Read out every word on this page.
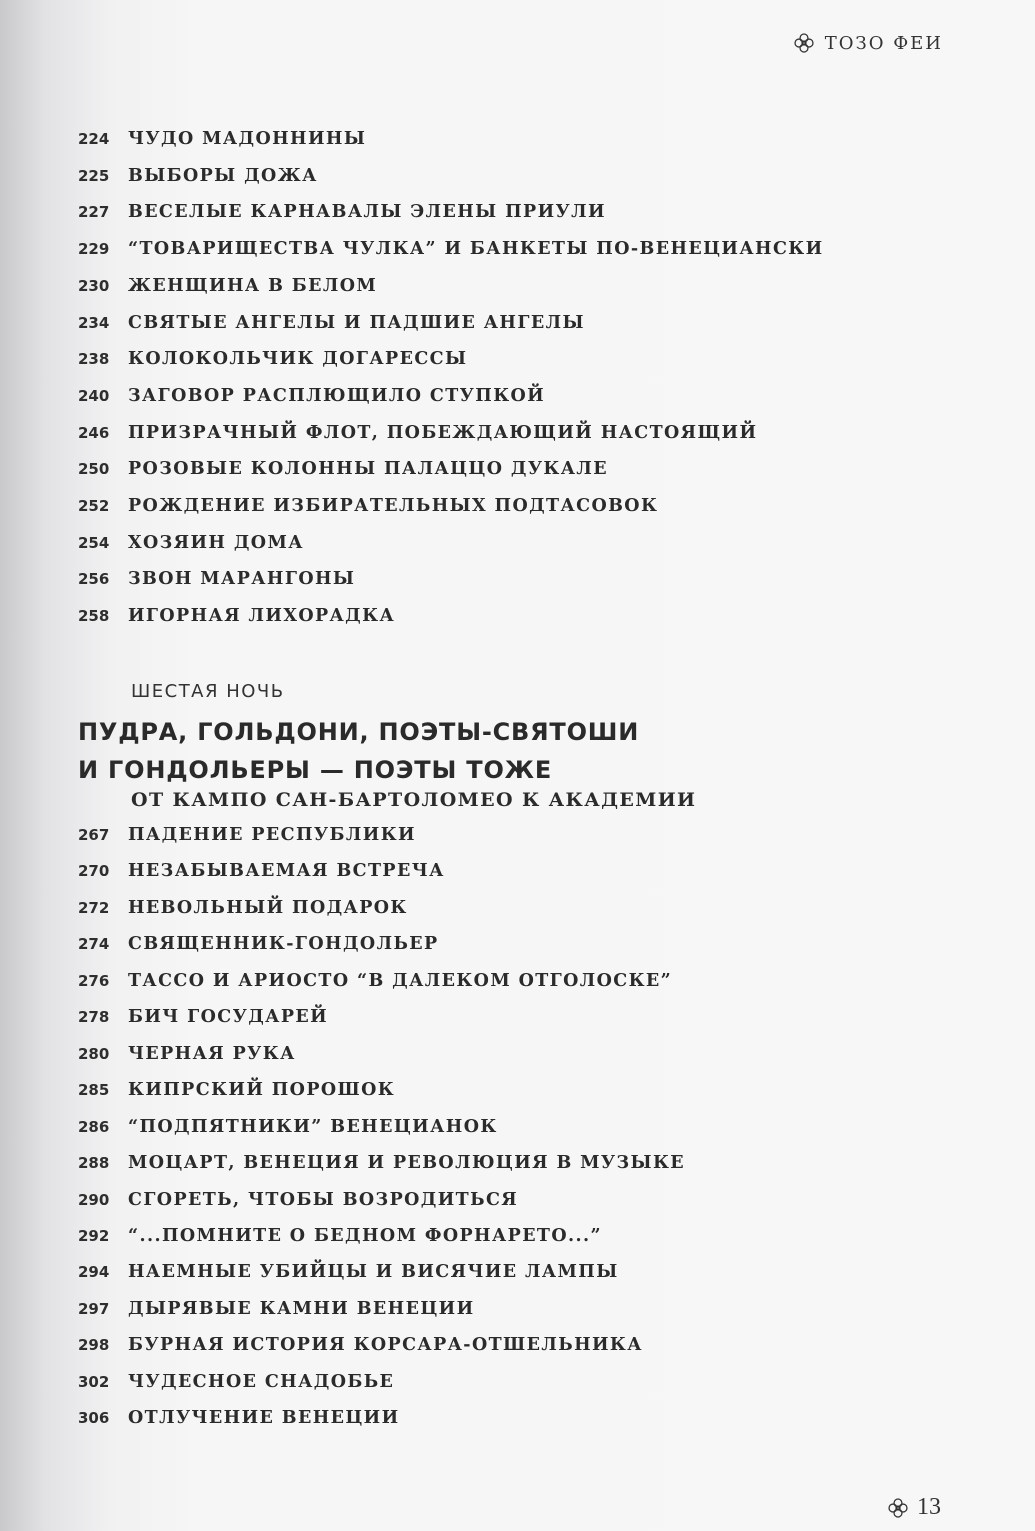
ТОЗО ФЕИ
224	ЧУДО МАДОННИНЫ
225	ВЫБОРЫ ДОЖА
227	ВЕСЕЛЫЕ КАРНАВАЛЫ ЭЛЕНЫ ПРИУЛИ
229	“ТОВАРИЩЕСТВА ЧУЛКА” И БАНКЕТЫ ПО-ВЕНЕЦИАНСКИ
230	ЖЕНЩИНА В БЕЛОМ
234	СВЯТЫЕ АНГЕЛЫ И ПАДШИЕ АНГЕЛЫ
238	КОЛОКОЛЬЧИК ДОГАРЕССЫ
240	ЗАГОВОР РАСПЛЮЩИЛО СТУПКОЙ
246	ПРИЗРАЧНЫЙ ФЛОТ, ПОБЕЖДАЮЩИЙ НАСТОЯЩИЙ
250	РОЗОВЫЕ КОЛОННЫ ПАЛАЦЦО ДУКАЛЕ
252	РОЖДЕНИЕ ИЗБИРАТЕЛЬНЫХ ПОДТАСОВОК
254	ХОЗЯИН ДОМА
256	ЗВОН МАРАНГОНЫ
258	ИГОРНАЯ ЛИХОРАДКА
ШЕСТАЯ НОЧЬ
ПУДРА, ГОЛЬДОНИ, ПОЭТЫ-СВЯТОШИ
И ГОНДОЛЬЕРЫ — ПОЭТЫ ТОЖЕ
ОТ КАМПО САН-БАРТОЛОМЕО К АКАДЕМИИ
267	ПАДЕНИЕ РЕСПУБЛИКИ
270	НЕЗАБЫВАЕМАЯ ВСТРЕЧА
272	НЕВОЛЬНЫЙ ПОДАРОК
274	СВЯЩЕННИК-ГОНДОЛЬЕР
276	ТАССО И АРИОСТО “В ДАЛЕКОМ ОТГОЛОСКЕ”
278	БИЧ ГОСУДАРЕЙ
280	ЧЕРНАЯ РУКА
285	КИПРСКИЙ ПОРОШОК
286	“ПОДПЯТНИКИ” ВЕНЕЦИАНОК
288	МОЦАРТ, ВЕНЕЦИЯ И РЕВОЛЮЦИЯ В МУЗЫКЕ
290	СГОРЕТЬ, ЧТОБЫ ВОЗРОДИТЬСЯ
292	“...ПОМНИТЕ О БЕДНОМ ФОРНАРЕТО...”
294	НАЕМНЫЕ УБИЙЦЫ И ВИСЯЧИЕ ЛАМПЫ
297	ДЫРЯВЫЕ КАМНИ ВЕНЕЦИИ
298	БУРНАЯ ИСТОРИЯ КОРСАРА-ОТШЕЛЬНИКА
302	ЧУДЕСНОЕ СНАДОБЬЕ
306	ОТЛУЧЕНИЕ ВЕНЕЦИИ
13
